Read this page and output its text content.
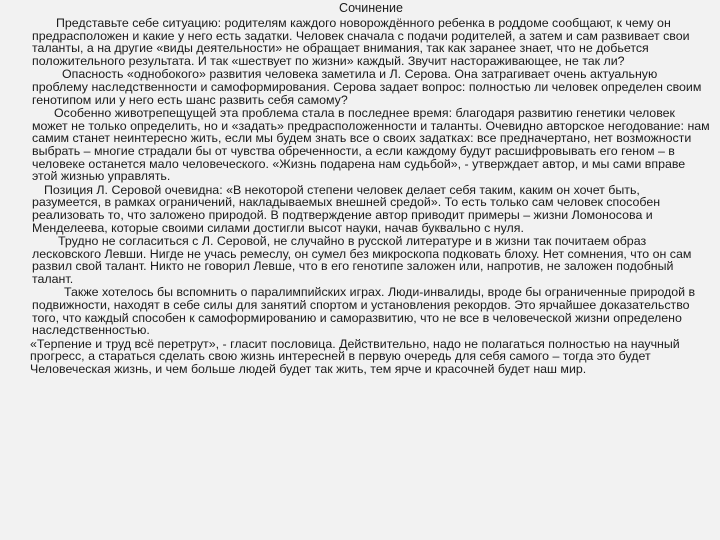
Сочинение

Представьте себе ситуацию: родителям каждого новорождённого ребенка в роддоме сообщают, к чему он предрасположен и какие у него есть задатки. Человек сначала с подачи родителей, а затем и сам развивает свои таланты, а на другие «виды деятельности» не обращает внимания, так как заранее знает, что не добьется положительного результата. И так «шествует по жизни» каждый. Звучит настораживающее, не так ли?

Опасность «однобокого» развития человека заметила и Л. Серова. Она затрагивает очень актуальную проблему наследственности и самоформирования. Серова задает вопрос: полностью ли человек определен своим генотипом или у него есть шанс развить себя самому?

Особенно животрепещущей эта проблема стала в последнее время: благодаря развитию генетики человек может не только определить, но и «задать» предрасположенности и таланты. Очевидно авторское негодование: нам самим станет неинтересно жить, если мы будем знать все о своих задатках: все предначертано, нет возможности выбрать – многие страдали бы от чувства обреченности, а если каждому будут расшифровывать его геном – в человеке останется мало человеческого. «Жизнь подарена нам судьбой», - утверждает автор, и мы сами вправе этой жизнью управлять.

Позиция Л. Серовой очевидна: «В некоторой степени человек делает себя таким, каким он хочет быть, разумеется, в рамках ограничений, накладываемых внешней средой». То есть только сам человек способен реализовать то, что заложено природой. В подтверждение автор приводит примеры – жизни Ломоносова и Менделеева, которые своими силами достигли высот науки, начав буквально с нуля.

Трудно не согласиться с Л. Серовой, не случайно в русской литературе и в жизни так почитаем образ лесковского Левши. Нигде не учась ремеслу, он сумел без микроскопа подковать блоху. Нет сомнения, что он сам развил свой талант. Никто не говорил Левше, что в его генотипе заложен или, напротив, не заложен подобный талант.

Также хотелось бы вспомнить о паралимпийских играх. Люди-инвалиды, вроде бы ограниченные природой в подвижности, находят в себе силы для занятий спортом и установления рекордов. Это ярчайшее доказательство того, что каждый способен к самоформированию и саморазвитию, что не все в человеческой жизни определено наследственностью.

«Терпение и труд всё перетрут», - гласит пословица. Действительно, надо не полагаться полностью на научный прогресс, а стараться сделать свою жизнь интересней в первую очередь для себя самого – тогда это будет Человеческая жизнь, и чем больше людей будет так жить, тем ярче и красочней будет наш мир.
